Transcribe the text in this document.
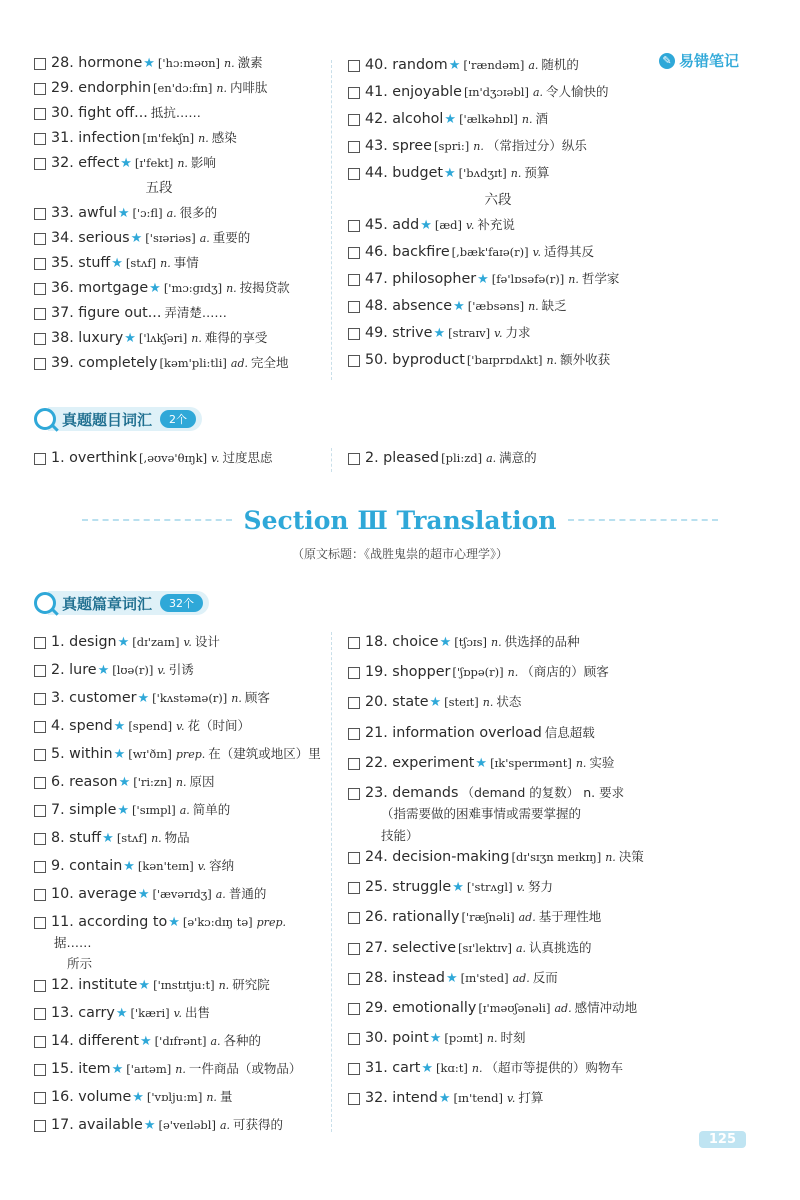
✎ 易错笔记
28. hormone★ ['hɔ:məʊn] n. 激素
29. endorphin [en'dɔ:fɪn] n. 内啡肽
30. fight off... 抵抗……
31. infection [ɪn'fekʃn] n. 感染
32. effect★ [ɪ'fekt] n. 影响
五段
33. awful★ ['ɔ:fl] a. 很多的
34. serious★ ['sɪəriəs] a. 重要的
35. stuff★ [stʌf] n. 事情
36. mortgage★ ['mɔ:gɪdʒ] n. 按揭贷款
37. figure out... 弄清楚……
38. luxury★ ['lʌkʃəri] n. 难得的享受
39. completely [kəm'pli:tli] ad. 完全地
40. random★ ['rændəm] a. 随机的
41. enjoyable [ɪn'dʒɔɪəbl] a. 令人愉快的
42. alcohol★ ['ælkəhɒl] n. 酒
43. spree [spri:] n. （常指过分）纵乐
44. budget★ ['bʌdʒɪt] n. 预算
六段
45. add★ [æd] v. 补充说
46. backfire [,bæk'faɪə(r)] v. 适得其反
47. philosopher★ [fə'lɒsəfə(r)] n. 哲学家
48. absence★ ['æbsəns] n. 缺乏
49. strive★ [straɪv] v. 力求
50. byproduct ['baɪprɒdʌkt] n. 额外收获
真题题目词汇	2个
1. overthink [,əʊvə'θɪŋk] v. 过度思虑	2. pleased [pli:zd] a. 满意的
Section Ⅲ Translation
（原文标题：《战胜鬼祟的超市心理学》）
真题篇章词汇	32个
1. design★ [dɪ'zaɪn] v. 设计
2. lure★ [lʊə(r)] v. 引诱
3. customer★ ['kʌstəmə(r)] n. 顾客
4. spend★ [spend] v. 花（时间）
5. within★ [wɪ'ðɪn] prep. 在（建筑或地区）里
6. reason★ ['ri:zn] n. 原因
7. simple★ ['sɪmpl] a. 简单的
8. stuff★ [stʌf] n. 物品
9. contain★ [kən'teɪn] v. 容纳
10. average★ ['ævərɪdʒ] a. 普通的
11. according to★ [ə'kɔ:dɪŋ tə] prep.据……
所示
12. institute★ ['ɪnstɪtju:t] n. 研究院
13. carry★ ['kæri] v. 出售
14. different★ ['dɪfrənt] a. 各种的
15. item★ ['aɪtəm] n. 一件商品（或物品）
16. volume★ ['vɒlju:m] n. 量
17. available★ [ə'veɪləbl] a. 可获得的
18. choice★ [tʃɔɪs] n. 供选择的品种
19. shopper ['ʃɒpə(r)] n. （商店的）顾客
20. state★ [steɪt] n. 状态
21. information overload 信息超载
22. experiment★ [ɪk'sperɪmənt] n. 实验
23. demands （demand 的复数） n. 要求
（指需要做的困难事情或需要掌握的
技能）
24. decision-making [dɪ'sɪʒn meɪkɪŋ] n. 决策
25. struggle★ ['strʌgl] v. 努力
26. rationally ['ræʃnəli] ad. 基于理性地
27. selective [sɪ'lektɪv] a. 认真挑选的
28. instead★ [ɪn'sted] ad. 反而
29. emotionally [ɪ'məʊʃənəli] ad. 感情冲动地
30. point★ [pɔɪnt] n. 时刻
31. cart★ [kɑ:t] n. （超市等提供的）购物车
32. intend★ [ɪn'tend] v. 打算
125
